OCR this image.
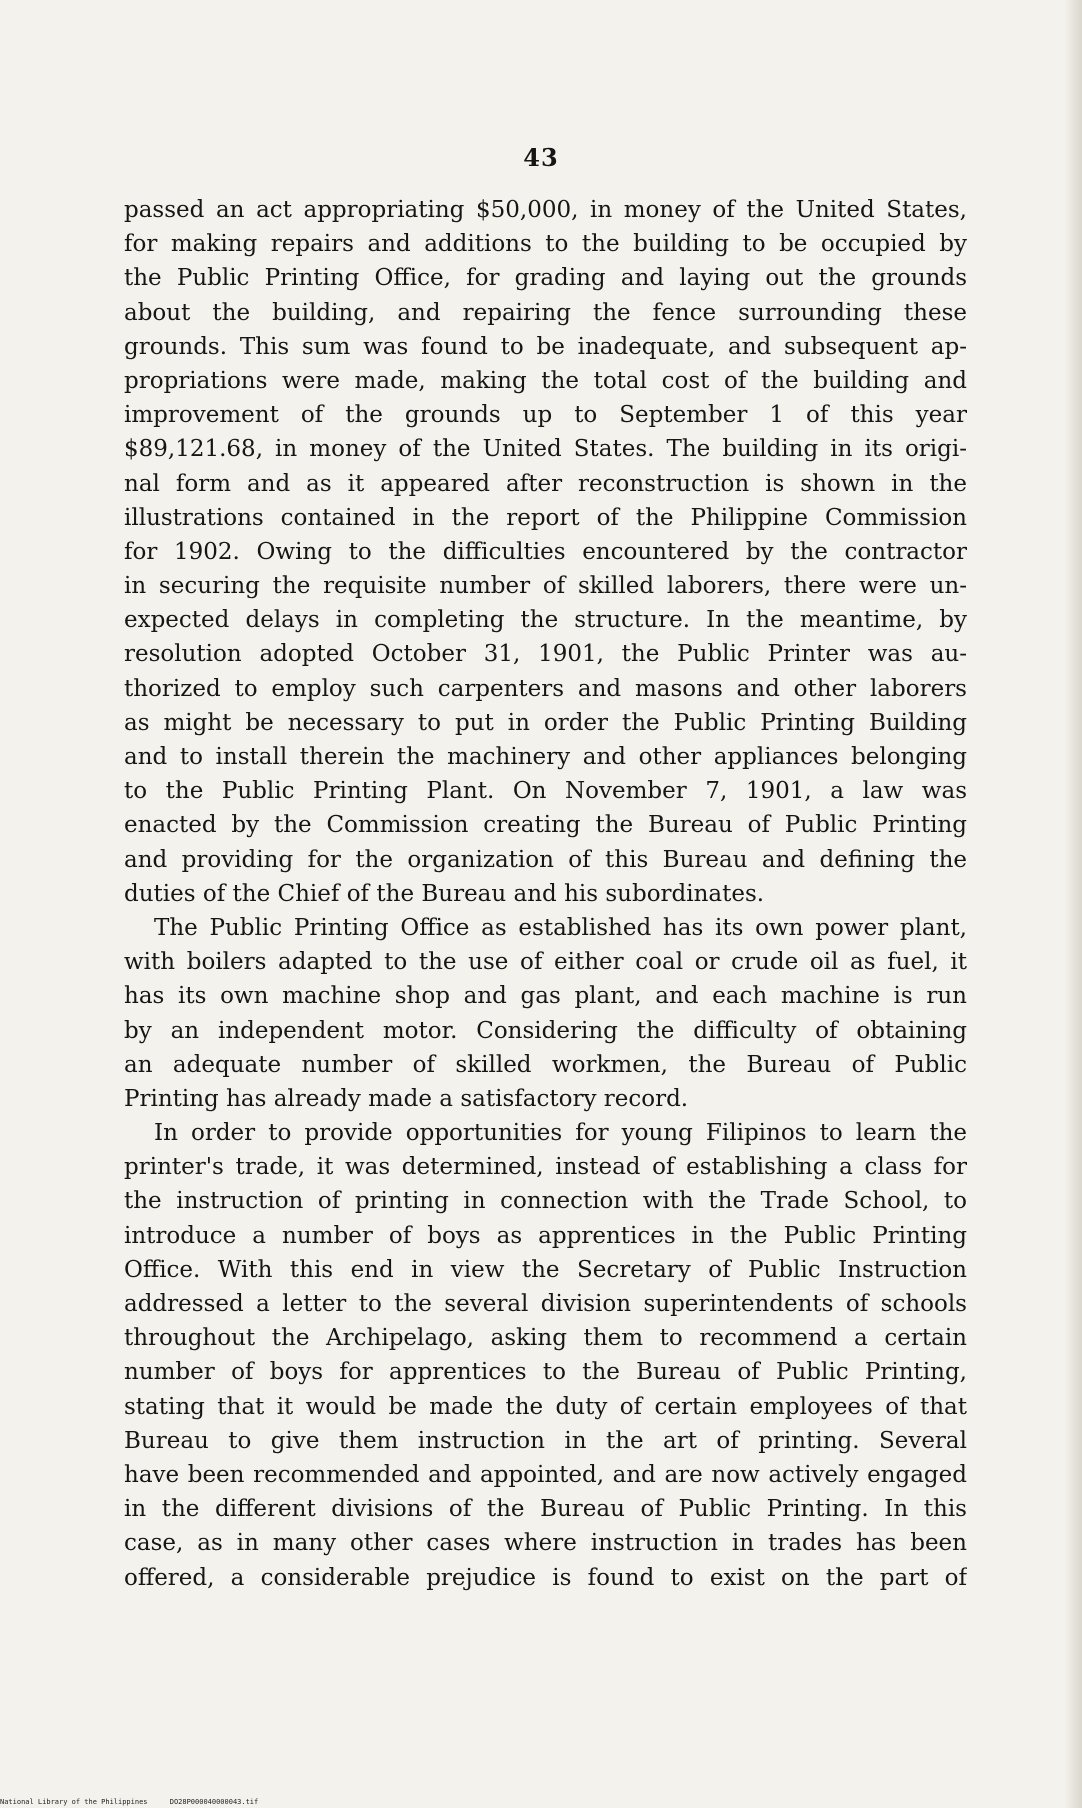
43
passed an act appropriating $50,000, in money of the United States,
for making repairs and additions to the building to be occupied by
the Public Printing Office, for grading and laying out the grounds
about the building, and repairing the fence surrounding these
grounds. This sum was found to be inadequate, and subsequent ap-
propriations were made, making the total cost of the building and
improvement of the grounds up to September 1 of this year
$89,121.68, in money of the United States. The building in its origi-
nal form and as it appeared after reconstruction is shown in the
illustrations contained in the report of the Philippine Commission
for 1902. Owing to the difficulties encountered by the contractor
in securing the requisite number of skilled laborers, there were un-
expected delays in completing the structure. In the meantime, by
resolution adopted October 31, 1901, the Public Printer was au-
thorized to employ such carpenters and masons and other laborers
as might be necessary to put in order the Public Printing Building
and to install therein the machinery and other appliances belonging
to the Public Printing Plant. On November 7, 1901, a law was
enacted by the Commission creating the Bureau of Public Printing
and providing for the organization of this Bureau and defining the
duties of the Chief of the Bureau and his subordinates.
The Public Printing Office as established has its own power plant,
with boilers adapted to the use of either coal or crude oil as fuel, it
has its own machine shop and gas plant, and each machine is run
by an independent motor. Considering the difficulty of obtaining
an adequate number of skilled workmen, the Bureau of Public
Printing has already made a satisfactory record.
In order to provide opportunities for young Filipinos to learn the
printer's trade, it was determined, instead of establishing a class for
the instruction of printing in connection with the Trade School, to
introduce a number of boys as apprentices in the Public Printing
Office. With this end in view the Secretary of Public Instruction
addressed a letter to the several division superintendents of schools
throughout the Archipelago, asking them to recommend a certain
number of boys for apprentices to the Bureau of Public Printing,
stating that it would be made the duty of certain employees of that
Bureau to give them instruction in the art of printing. Several
have been recommended and appointed, and are now actively engaged
in the different divisions of the Bureau of Public Printing. In this
case, as in many other cases where instruction in trades has been
offered, a considerable prejudice is found to exist on the part of
National Library of the Philippines	DO28P000040000043.tif
